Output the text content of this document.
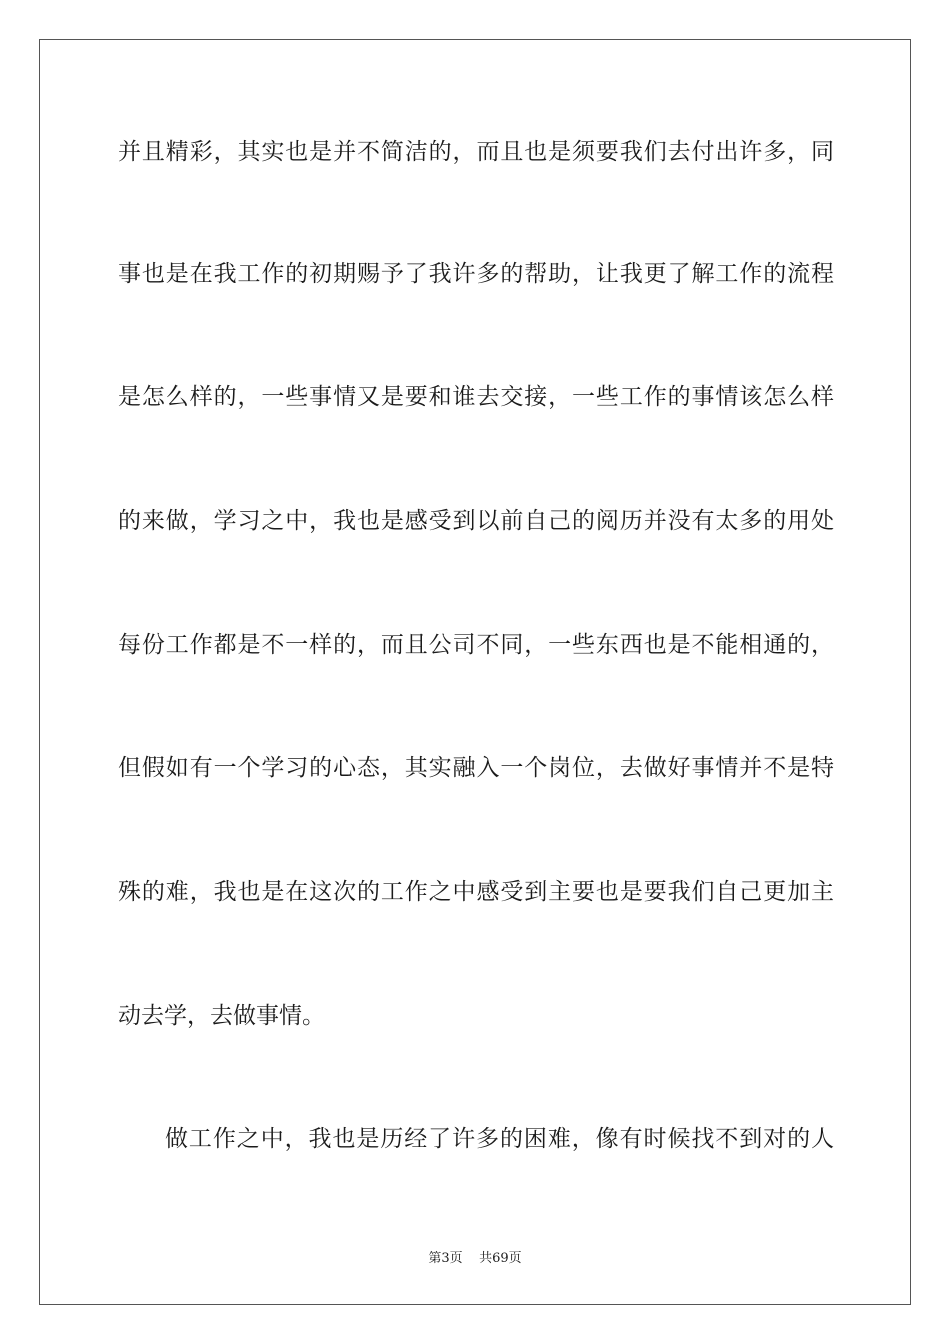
并且精彩，其实也是并不简洁的，而且也是须要我们去付出许多，同
事也是在我工作的初期赐予了我许多的帮助，让我更了解工作的流程
是怎么样的，一些事情又是要和谁去交接，一些工作的事情该怎么样
的来做，学习之中，我也是感受到以前自己的阅历并没有太多的用处
每份工作都是不一样的，而且公司不同，一些东西也是不能相通的，
但假如有一个学习的心态，其实融入一个岗位，去做好事情并不是特
殊的难，我也是在这次的工作之中感受到主要也是要我们自己更加主
动去学，去做事情。
做工作之中，我也是历经了许多的困难，像有时候找不到对的人
第3页 共69页
